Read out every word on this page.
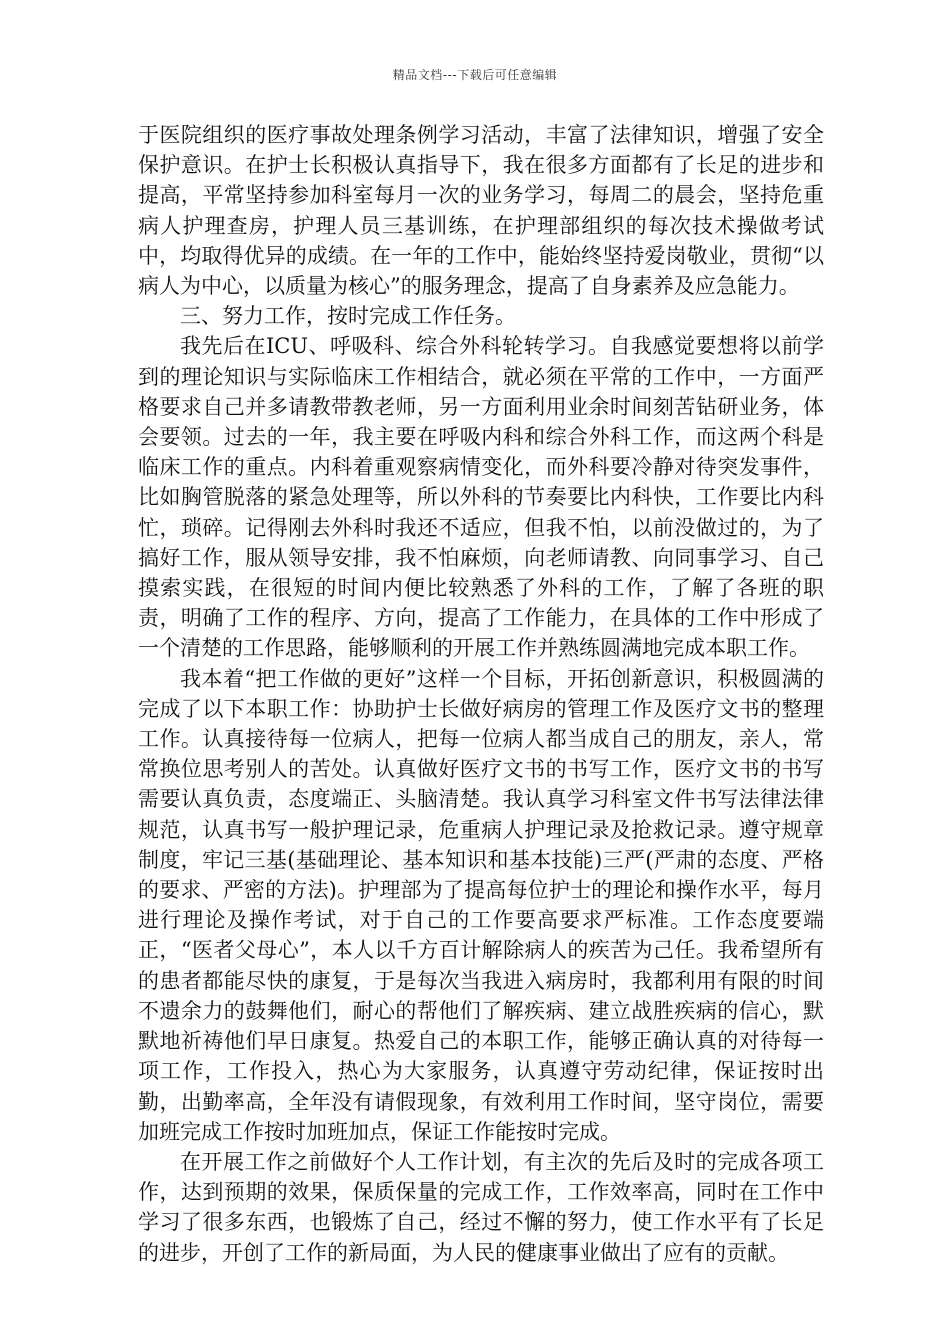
精品文档---下载后可任意编辑

于医院组织的医疗事故处理条例学习活动，丰富了法律知识，增强了安全保护意识。在护士长积极认真指导下，我在很多方面都有了长足的进步和提高，平常坚持参加科室每月一次的业务学习，每周二的晨会，坚持危重病人护理查房，护理人员三基训练，在护理部组织的每次技术操做考试中，均取得优异的成绩。在一年的工作中，能始终坚持爱岗敬业，贯彻“以病人为中心，以质量为核心”的服务理念，提高了自身素养及应急能力。

三、努力工作，按时完成工作任务。

我先后在ICU、呼吸科、综合外科轮转学习。自我感觉要想将以前学到的理论知识与实际临床工作相结合，就必须在平常的工作中，一方面严格要求自己并多请教带教老师，另一方面利用业余时间刻苦钻研业务，体会要领。过去的一年，我主要在呼吸内科和综合外科工作，而这两个科是临床工作的重点。内科着重观察病情变化，而外科要冷静对待突发事件，比如胸管脱落的紧急处理等，所以外科的节奏要比内科快，工作要比内科忙，琐碎。记得刚去外科时我还不适应，但我不怕，以前没做过的，为了搞好工作，服从领导安排，我不怕麻烦，向老师请教、向同事学习、自己摸索实践，在很短的时间内便比较熟悉了外科的工作，了解了各班的职责，明确了工作的程序、方向，提高了工作能力，在具体的工作中形成了一个清楚的工作思路，能够顺利的开展工作并熟练圆满地完成本职工作。

我本着“把工作做的更好”这样一个目标，开拓创新意识，积极圆满的完成了以下本职工作：协助护士长做好病房的管理工作及医疗文书的整理工作。认真接待每一位病人，把每一位病人都当成自己的朋友，亲人，常常换位思考别人的苦处。认真做好医疗文书的书写工作，医疗文书的书写需要认真负责，态度端正、头脑清楚。我认真学习科室文件书写法律法律规范，认真书写一般护理记录，危重病人护理记录及抢救记录。遵守规章制度，牢记三基(基础理论、基本知识和基本技能)三严(严肃的态度、严格的要求、严密的方法)。护理部为了提高每位护士的理论和操作水平，每月进行理论及操作考试，对于自己的工作要高要求严标准。工作态度要端正，“医者父母心”，本人以千方百计解除病人的疾苦为己任。我希望所有的患者都能尽快的康复，于是每次当我进入病房时，我都利用有限的时间不遗余力的鼓舞他们，耐心的帮他们了解疾病、建立战胜疾病的信心，默默地祈祷他们早日康复。热爱自己的本职工作，能够正确认真的对待每一项工作，工作投入，热心为大家服务，认真遵守劳动纪律，保证按时出勤，出勤率高，全年没有请假现象，有效利用工作时间，坚守岗位，需要加班完成工作按时加班加点，保证工作能按时完成。

在开展工作之前做好个人工作计划，有主次的先后及时的完成各项工作，达到预期的效果，保质保量的完成工作，工作效率高，同时在工作中学习了很多东西，也锻炼了自己，经过不懈的努力，使工作水平有了长足的进步，开创了工作的新局面，为人民的健康事业做出了应有的贡献。
